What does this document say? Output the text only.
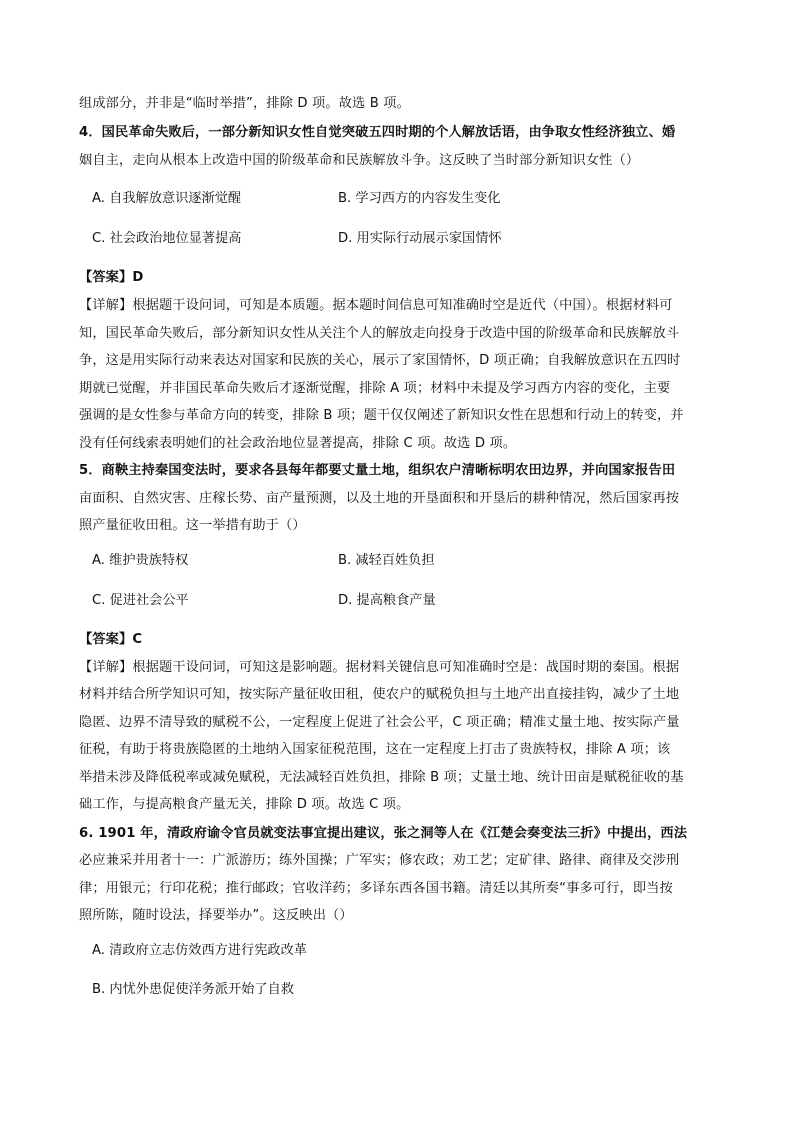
组成部分，并非是“临时举措”，排除 D 项。故选 B 项。
4．国民革命失败后，一部分新知识女性自觉突破五四时期的个人解放话语，由争取女性经济独立、婚
姻自主，走向从根本上改造中国的阶级革命和民族解放斗争。这反映了当时部分新知识女性（）
A. 自我解放意识逐渐觉醒	B. 学习西方的内容发生变化
C. 社会政治地位显著提高	D. 用实际行动展示家国情怀
【答案】D
【详解】根据题干设问词，可知是本质题。据本题时间信息可知准确时空是近代（中国）。根据材料可
知，国民革命失败后，部分新知识女性从关注个人的解放走向投身于改造中国的阶级革命和民族解放斗
争，这是用实际行动来表达对国家和民族的关心，展示了家国情怀，D 项正确；自我解放意识在五四时
期就已觉醒，并非国民革命失败后才逐渐觉醒，排除 A 项；材料中未提及学习西方内容的变化，主要
强调的是女性参与革命方向的转变，排除 B 项；题干仅仅阐述了新知识女性在思想和行动上的转变，并
没有任何线索表明她们的社会政治地位显著提高，排除 C 项。故选 D 项。
5．商鞅主持秦国变法时，要求各县每年都要丈量土地，组织农户清晰标明农田边界，并向国家报告田
亩面积、自然灾害、庄稼长势、亩产量预测，以及土地的开垦面积和开垦后的耕种情况，然后国家再按
照产量征收田租。这一举措有助于（）
A. 维护贵族特权	B. 减轻百姓负担
C. 促进社会公平	D. 提高粮食产量
【答案】C
【详解】根据题干设问词，可知这是影响题。据材料关键信息可知准确时空是：战国时期的秦国。根据
材料并结合所学知识可知，按实际产量征收田租，使农户的赋税负担与土地产出直接挂钩，减少了土地
隐匿、边界不清导致的赋税不公，一定程度上促进了社会公平，C 项正确；精准丈量土地、按实际产量
征税，有助于将贵族隐匿的土地纳入国家征税范围，这在一定程度上打击了贵族特权，排除 A 项；该
举措未涉及降低税率或减免赋税，无法减轻百姓负担，排除 B 项；丈量土地、统计田亩是赋税征收的基
础工作，与提高粮食产量无关，排除 D 项。故选 C 项。
6. 1901 年，清政府谕令官员就变法事宜提出建议，张之洞等人在《江楚会奏变法三折》中提出，西法
必应兼采并用者十一：广派游历；练外国操；广军实；修农政；劝工艺；定矿律、路律、商律及交涉刑
律；用银元；行印花税；推行邮政；官收洋药；多译东西各国书籍。清廷以其所奏“事多可行，即当按
照所陈，随时设法，择要举办”。这反映出（）
A. 清政府立志仿效西方进行宪政改革
B. 内忧外患促使洋务派开始了自救
